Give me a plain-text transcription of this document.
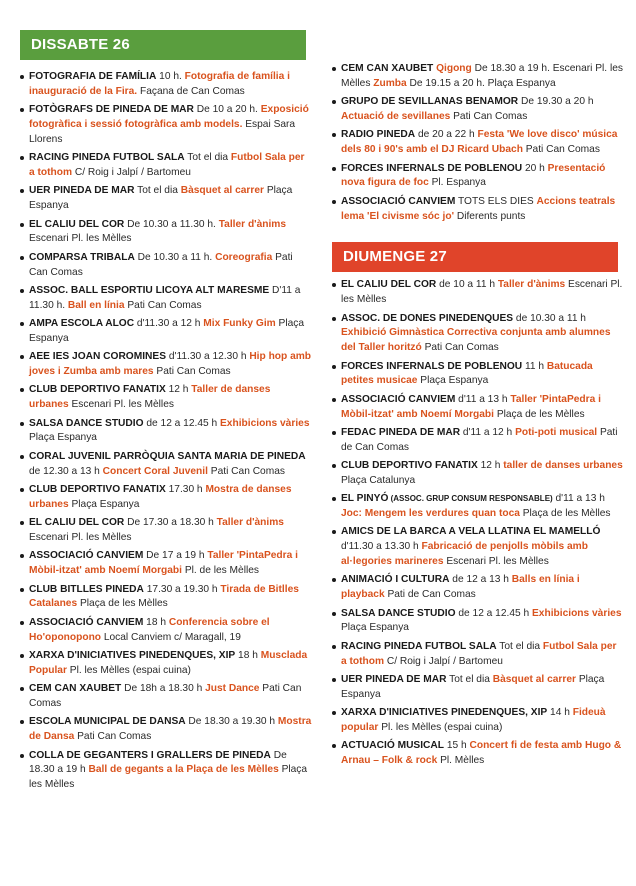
DISSABTE 26
FOTOGRAFIA DE FAMÍLIA 10 h. Fotografia de família i inauguració de la Fira. Façana de Can Comas
FOTÒGRAFS DE PINEDA DE MAR De 10 a 20 h. Exposició fotogràfica i sessió fotogràfica amb models. Espai Sara Llorens
RACING PINEDA FUTBOL SALA Tot el dia Futbol Sala per a tothom C/ Roig i Jalpí / Bartomeu
UER PINEDA DE MAR Tot el dia Bàsquet al carrer Plaça Espanya
EL CALIU DEL COR De 10.30 a 11.30 h. Taller d'ànims Escenari Pl. les Mèlles
COMPARSA TRIBALA De 10.30 a 11 h. Coreografia Pati Can Comas
ASSOC. BALL ESPORTIU LICOYA ALT MARESME D'11 a 11.30 h. Ball en línia Pati Can Comas
AMPA ESCOLA ALOC d'11.30 a 12 h Mix Funky Gim Plaça Espanya
AEE IES JOAN COROMINES d'11.30 a 12.30 h Hip hop amb joves i Zumba amb mares Pati Can Comas
CLUB DEPORTIVO FANATIX 12 h Taller de danses urbanes Escenari Pl. les Mèlles
SALSA DANCE STUDIO de 12 a 12.45 h Exhibicions vàries Plaça Espanya
CORAL JUVENIL PARRÒQUIA SANTA MARIA DE PINEDA de 12.30 a 13 h Concert Coral Juvenil Pati Can Comas
CLUB DEPORTIVO FANATIX 17.30 h Mostra de danses urbanes Plaça Espanya
EL CALIU DEL COR De 17.30 a 18.30 h Taller d'ànims Escenari Pl. les Mèlles
ASSOCIACIÓ CANVIEM De 17 a 19 h Taller 'PintaPedra i Mòbil-itzat' amb Noemí Morgabi Pl. de les Mèlles
CLUB BITLLES PINEDA 17.30 a 19.30 h Tirada de Bitlles Catalanes Plaça de les Mèlles
ASSOCIACIÓ CANVIEM 18 h Conferencia sobre el Ho'oponopono Local Canviem c/ Maragall, 19
XARXA D'INICIATIVES PINEDENQUES, XIP 18 h Musclada Popular Pl. les Mèlles (espai cuina)
CEM CAN XAUBET De 18h a 18.30 h Just Dance Pati Can Comas
ESCOLA MUNICIPAL DE DANSA De 18.30 a 19.30 h Mostra de Dansa Pati Can Comas
COLLA DE GEGANTERS I GRALLERS DE PINEDA De 18.30 a 19 h Ball de gegants a la Plaça de les Mèlles Plaça les Mèlles
CEM CAN XAUBET Qigong De 18.30 a 19 h. Escenari Pl. les Mèlles Zumba De 19.15 a 20 h. Plaça Espanya
GRUPO DE SEVILLANAS BENAMOR De 19.30 a 20 h Actuació de sevillanes Pati Can Comas
RADIO PINEDA de 20 a 22 h Festa 'We love disco' música dels 80 i 90's amb el DJ Ricard Ubach Pati Can Comas
FORCES INFERNALS DE POBLENOU 20 h Presentació nova figura de foc Pl. Espanya
ASSOCIACIÓ CANVIEM TOTS ELS DIES Accions teatrals lema 'El civisme sóc jo' Diferents punts
DIUMENGE 27
EL CALIU DEL COR de 10 a 11 h Taller d'ànims Escenari Pl. les Mèlles
ASSOC. DE DONES PINEDENQUES de 10.30 a 11 h Exhibició Gimnàstica Correctiva conjunta amb alumnes del Taller horitzó Pati Can Comas
FORCES INFERNALS DE POBLENOU 11 h Batucada petites musicae Plaça Espanya
ASSOCIACIÓ CANVIEM d'11 a 13 h Taller 'PintaPedra i Mòbil-itzat' amb Noemí Morgabi Plaça de les Mèlles
FEDAC PINEDA DE MAR d'11 a 12 h Poti-poti musical Pati de Can Comas
CLUB DEPORTIVO FANATIX 12 h taller de danses urbanes Plaça Catalunya
EL PINYÓ (ASSOC. GRUP CONSUM RESPONSABLE) d'11 a 13 h Joc: Mengem les verdures quan toca Plaça de les Mèlles
AMICS DE LA BARCA A VELA LLATINA EL MAMELLÓ d'11.30 a 13.30 h Fabricació de penjolls mòbils amb al·legories marineres Escenari Pl. les Mèlles
ANIMACIÓ I CULTURA de 12 a 13 h Balls en línia i playback Pati de Can Comas
SALSA DANCE STUDIO de 12 a 12.45 h Exhibicions vàries Plaça Espanya
RACING PINEDA FUTBOL SALA Tot el dia Futbol Sala per a tothom C/ Roig i Jalpí / Bartomeu
UER PINEDA DE MAR Tot el dia Bàsquet al carrer Plaça Espanya
XARXA D'INICIATIVES PINEDENQUES, XIP 14 h Fideuà popular Pl. les Mèlles (espai cuina)
ACTUACIÓ MUSICAL 15 h Concert fi de festa amb Hugo & Arnau – Folk & rock Pl. Mèlles
